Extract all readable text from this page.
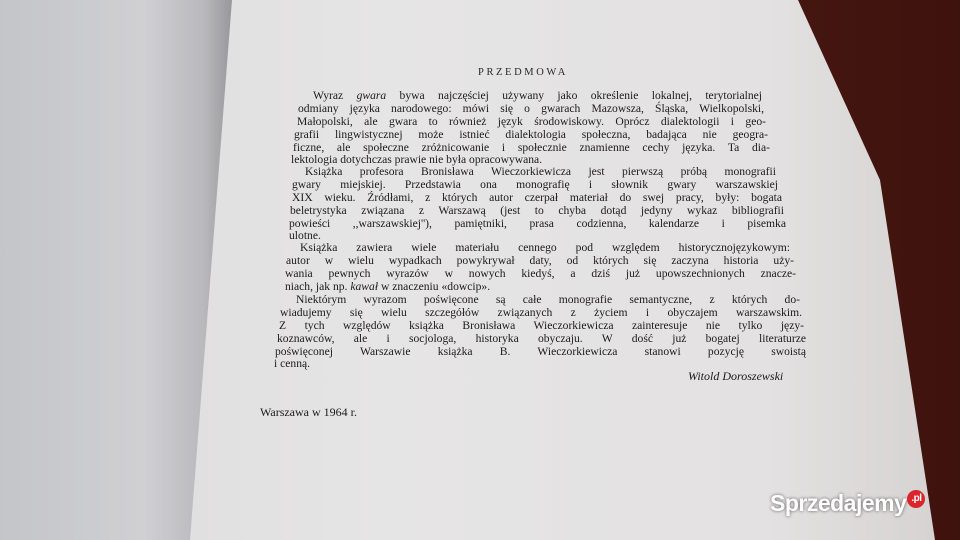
PRZEDMOWA
Wyraz gwara bywa najczęściej używany jako określenie lokalnej, terytorialnej
odmiany języka narodowego: mówi się o gwarach Mazowsza, Śląska, Wielkopolski,
Małopolski, ale gwara to również język środowiskowy. Oprócz dialektologii i geo-
grafii lingwistycznej może istnieć dialektologia społeczna, badająca nie geogra-
ficzne, ale społeczne zróżnicowanie i społecznie znamienne cechy języka. Ta dia-
lektologia dotychczas prawie nie była opracowywana.
Książka profesora Bronisława Wieczorkiewicza jest pierwszą próbą monografii
gwary miejskiej. Przedstawia ona monografię i słownik gwary warszawskiej
XIX wieku. Źródłami, z których autor czerpał materiał do swej pracy, były: bogata
beletrystyka związana z Warszawą (jest to chyba dotąd jedyny wykaz bibliografii
powieści ,,warszawskiej''), pamiętniki, prasa codzienna, kalendarze i pisemka
ulotne.
Książka zawiera wiele materiału cennego pod względem historycznojęzykowym:
autor w wielu wypadkach powykrywał daty, od których się zaczyna historia uży-
wania pewnych wyrazów w nowych kiedyś, a dziś już upowszechnionych znacze-
niach, jak np. kawał w znaczeniu «dowcip».
Niektórym wyrazom poświęcone są całe monografie semantyczne, z których do-
wiadujemy się wielu szczegółów związanych z życiem i obyczajem warszawskim.
Z tych względów książka Bronisława Wieczorkiewicza zainteresuje nie tylko języ-
koznawców, ale i socjologa, historyka obyczaju. W dość już bogatej literaturze
poświęconej Warszawie książka B. Wieczorkiewicza stanowi pozycję swoistą
i cenną.
Witold Doroszewski
Warszawa w 1964 r.
Sprzedajemy .pl
